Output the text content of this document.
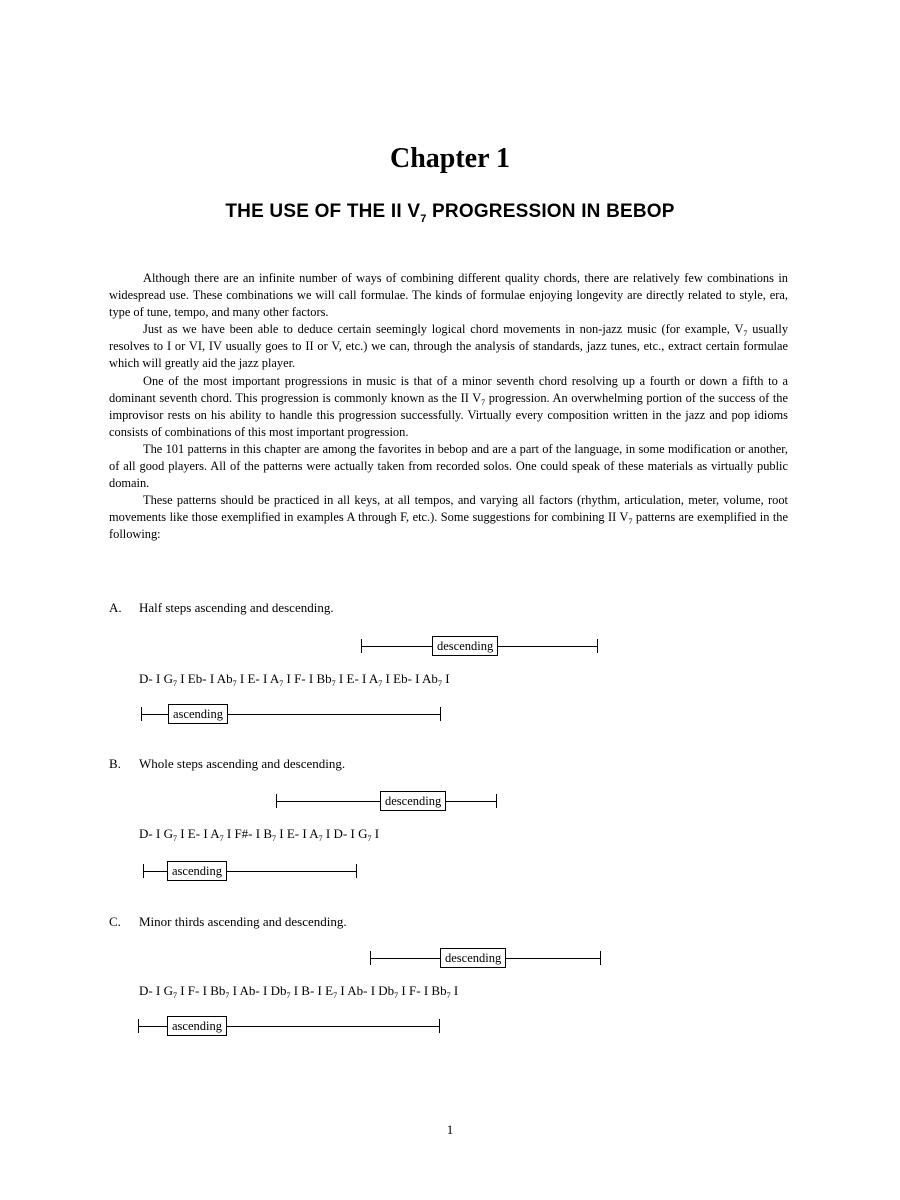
Chapter 1
THE USE OF THE II $V_7$ PROGRESSION IN BEBOP

Although there are an infinite number of ways of combining different quality chords, there are relatively few combinations in widespread use. These combinations we will call formulae. The kinds of formulae enjoying longevity are directly related to style, era, type of tune, tempo, and many other factors.

Just as we have been able to deduce certain seemingly logical chord movements in non-jazz music (for example, $V_7$ usually resolves to I or VI, IV usually goes to II or V, etc.) we can, through the analysis of standards, jazz tunes, etc., extract certain formulae which will greatly aid the jazz player.

One of the most important progressions in music is that of a minor seventh chord resolving up a fourth or down a fifth to a dominant seventh chord. This progression is commonly known as the II $V_7$ progression. An overwhelming portion of the success of the improvisor rests on his ability to handle this progression successfully. Virtually every composition written in the jazz and pop idioms consists of combinations of this most important progression.

The 101 patterns in this chapter are among the favorites in bebop and are a part of the language, in some modification or another, of all good players. All of the patterns were actually taken from recorded solos. One could speak of these materials as virtually public domain.

These patterns should be practiced in all keys, at all tempos, and varying all factors (rhythm, articulation, meter, volume, root movements like those exemplified in examples A through F, etc.). Some suggestions for combining II $V_7$ patterns are exemplified in the following:

A. Half steps ascending and descending.
descending
D- I $G_7$ I Eb- I $Ab_7$ I E- I $A_7$ I F- I $Bb_7$ I E- I $A_7$ I Eb- I $Ab_7$ I
ascending
B. Whole steps ascending and descending.
descending
D- I $G_7$ I E- I $A_7$ I F#- I $B_7$ I E- I $A_7$ I D- I $G_7$ I
ascending
C. Minor thirds ascending and descending.
descending
D- I $G_7$ I F- I $Bb_7$ I Ab- I $Db_7$ I B- I $E_7$ I Ab- I $Db_7$ I F- I $Bb_7$ I
ascending
1
